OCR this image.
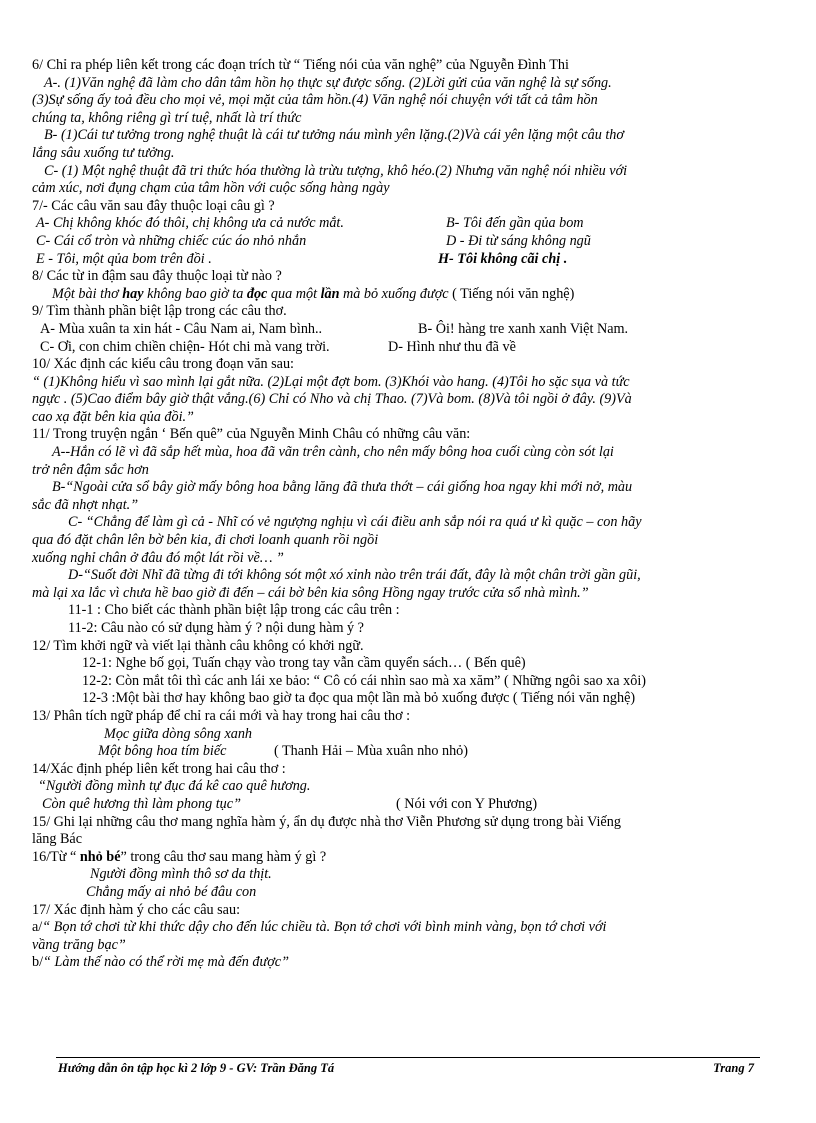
6/ Chỉ ra phép liên kết trong các đoạn trích từ “ Tiếng nói của văn nghệ” của Nguyễn Đình Thi
A-. (1)Văn nghệ đã làm cho dân tâm hồn họ thực sự được sống. (2)Lời gửi của văn nghệ là sự sống.
(3)Sự sống ấy toả đều cho mọi vẻ, mọi mặt của tâm hồn.(4) Văn nghệ nói chuyện với tất cả tâm hồn
chúng ta, không riêng gì trí tuệ, nhất là trí thức
B- (1)Cái tư tưởng trong nghệ thuật là cái tư tưởng náu mình yên lặng.(2)Và cái yên lặng một câu thơ
lắng sâu xuống tư tưởng.
C- (1) Một nghệ thuật đã tri thức hóa thường là trừu tượng, khô héo.(2) Nhưng văn nghệ nói nhiều với
cảm xúc, nơi đụng chạm của tâm hồn với cuộc sống hàng ngày
7/- Các câu văn sau đây thuộc loại câu gì ?
A- Chị không khóc đó thôi, chị không ưa cả nước mắt.	B- Tôi đến gần qủa bom
C- Cái cổ tròn và những chiếc cúc áo nhỏ nhắn	D - Đi từ sáng không ngũ
E - Tôi, một qủa bom trên đồi .	H- Tôi không cãi chị .
8/ Các từ in đậm sau đây thuộc loại từ nào ?
Một bài thơ hay không bao giờ ta đọc qua một lần mà bỏ xuống được ( Tiếng nói văn nghệ)
9/ Tìm thành phần biệt lập trong các câu thơ.
A- Mùa xuân ta xin hát - Câu Nam ai, Nam bình..	B- Ôi! hàng tre xanh xanh Việt Nam.
C- Ơi, con chim chiền chiện- Hót chi mà vang trời.	D- Hình như thu đã về
10/ Xác định các kiểu câu trong đoạn văn sau:
“ (1)Không hiểu vì sao mình lại gắt nữa. (2)Lại một đợt bom. (3)Khói vào hang. (4)Tôi ho sặc sụa và tức
ngực . (5)Cao điểm bây giờ thật vắng.(6) Chỉ có Nho và chị Thao. (7)Và bom. (8)Và tôi ngồi ở đây. (9)Và
cao xạ đặt bên kia qủa đồi.”
11/ Trong truyện ngắn ‘ Bến quê” của Nguyễn Minh Châu có những câu văn:
A--Hắn có lẽ vì đã sắp hết mùa, hoa đã vãn trên cành, cho nên mấy bông hoa cuối cùng còn sót lại
trở nên đậm sắc hơn
B-“Ngoài cửa sổ bây giờ mấy bông hoa bằng lăng đã thưa thớt – cái giống hoa ngay khi mới nở, màu
sắc đã nhợt nhạt.”
C- “Chẳng để làm gì cả - Nhĩ có vẻ ngượng nghịu vì cái điều anh sắp nói ra quá ư kì quặc – con hãy
qua đó đặt chân lên bờ bên kia, đi chơi loanh quanh rồi ngồi
xuống nghỉ chân ở đâu đó một lát rồi về… ”
D-“Suốt đời Nhĩ đã từng đi tới không sót một xó xỉnh nào trên trái đất, đây là một chân trời gần gũi,
mà lại xa lắc vì chưa hề bao giờ đi đến – cái bờ bên kia sông Hồng ngay trước cửa sổ nhà mình.”
11-1 : Cho biết các thành phần biệt lập trong các câu trên :
11-2: Câu nào có sử dụng hàm ý ? nội dung hàm ý ?
12/ Tìm khởi ngữ và viết lại thành câu không có khởi ngữ.
12-1: Nghe bố gọi, Tuấn chạy vào trong tay vẫn cầm quyển sách… ( Bến quê)
12-2: Còn mắt tôi thì các anh lái xe bảo: “ Cô có cái nhìn sao mà xa xăm” ( Những ngôi sao xa xôi)
12-3 :Một bài thơ hay không bao giờ ta đọc qua một lần mà bỏ xuống được ( Tiếng nói văn nghệ)
13/ Phân tích ngữ pháp để chỉ ra cái mới và hay trong hai câu thơ :
Mọc giữa dòng sông xanh
Một bông hoa tím biếc	( Thanh Hải – Mùa xuân nho nhỏ)
14/Xác định phép liên kết trong hai câu thơ :
“Người đồng mình tự đục đá kê cao quê hương.
Còn quê hương thì làm phong tục”	( Nói với con Y Phương)
15/ Ghi lại những câu thơ mang nghĩa hàm ý, ẩn dụ được nhà thơ Viễn Phương sử dụng trong bài Viếng
lăng Bác
16/Từ “ nhỏ bé” trong câu thơ sau mang hàm ý gì ?
Người đồng mình thô sơ da thịt.
Chẳng mấy ai nhỏ bé đâu con
17/ Xác định hàm ý cho các câu sau:
a/“ Bọn tớ chơi từ khi thức dậy cho đến lúc chiều tà. Bọn tớ chơi với bình minh vàng, bọn tớ chơi với
vầng trăng bạc”
b/“ Làm thế nào có thể rời mẹ mà đến được”
Hướng dẫn ôn tập học kì 2 lớp 9 - GV: Trần Đăng Tá	Trang 7
